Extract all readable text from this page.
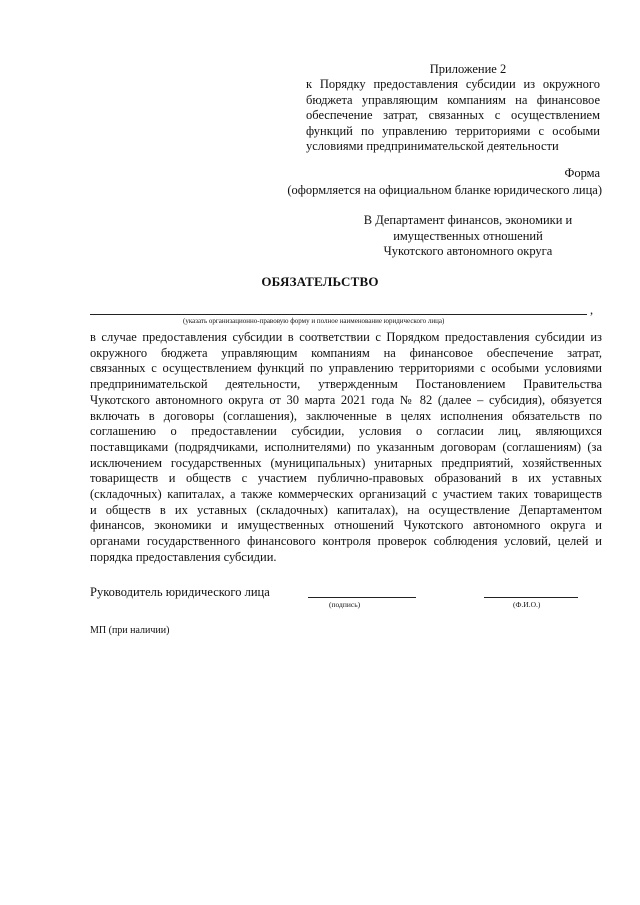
Приложение 2
к Порядку предоставления субсидии из окружного
бюджета управляющим компаниям на финансовое
обеспечение затрат, связанных с осуществлением
функций по управлению территориями с особыми
условиями предпринимательской деятельности
Форма
(оформляется на официальном бланке юридического лица)
В Департамент финансов, экономики и
имущественных отношений
Чукотского автономного округа
ОБЯЗАТЕЛЬСТВО
,
(указать организационно-правовую форму и полное наименование юридического лица)
в случае предоставления субсидии в соответствии с Порядком предоставления субсидии из
окружного бюджета управляющим компаниям на финансовое обеспечение затрат,
связанных с осуществлением функций по управлению территориями с особыми условиями
предпринимательской деятельности, утвержденным Постановлением Правительства
Чукотского автономного округа от 30 марта 2021 года № 82 (далее – субсидия), обязуется
включать в договоры (соглашения), заключенные в целях исполнения обязательств по
соглашению о предоставлении субсидии, условия о согласии лиц, являющихся
поставщиками (подрядчиками, исполнителями) по указанным договорам (соглашениям) (за
исключением государственных (муниципальных) унитарных предприятий, хозяйственных
товариществ и обществ с участием публично-правовых образований в их уставных
(складочных) капиталах, а также коммерческих организаций с участием таких товариществ
и обществ в их уставных (складочных) капиталах), на осуществление Департаментом
финансов, экономики и имущественных отношений Чукотского автономного округа и
органами государственного финансового контроля проверок соблюдения условий, целей и
порядка предоставления субсидии.
Руководитель юридического лица
(подпись)	(Ф.И.О.)
МП (при наличии)
